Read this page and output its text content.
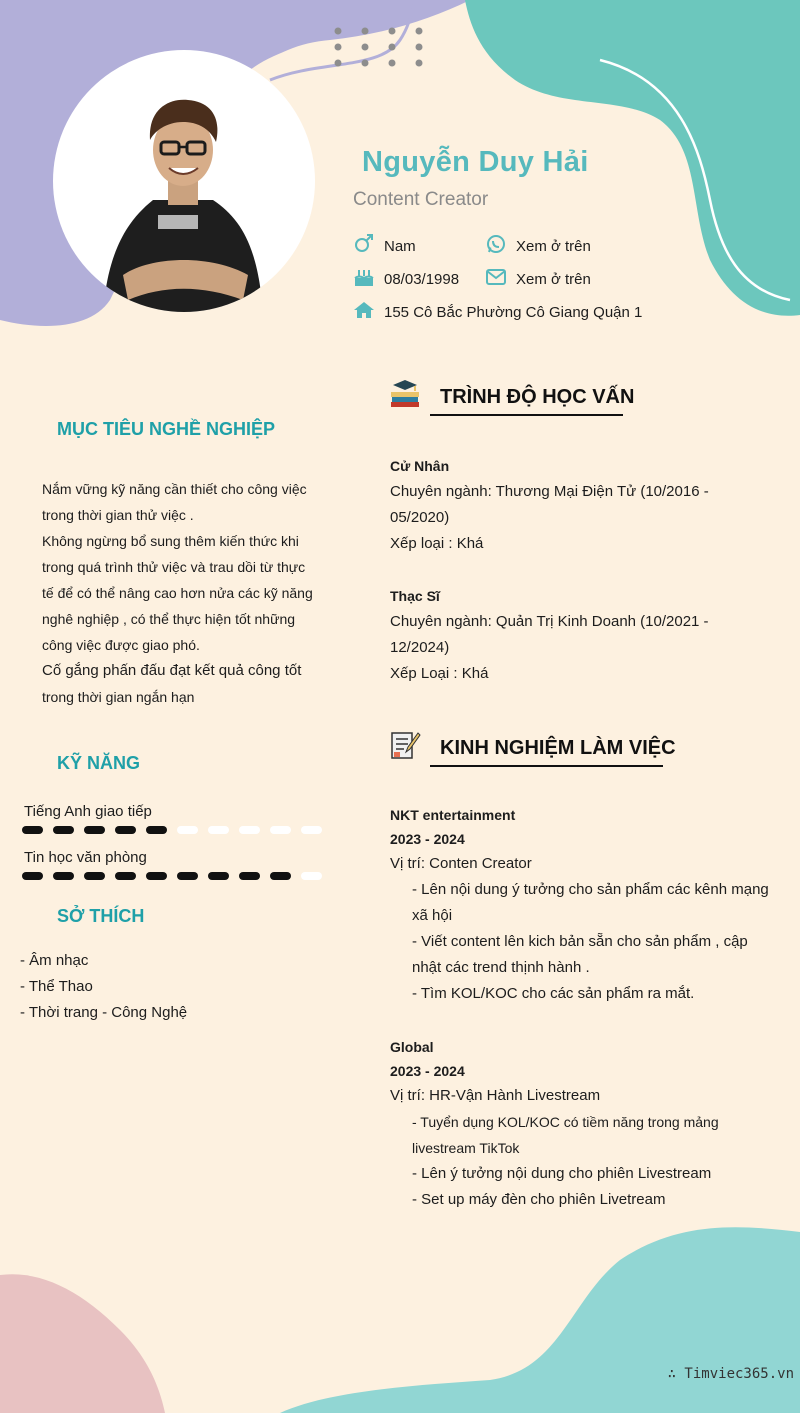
Nguyễn Duy Hải
Content Creator
Nam	Xem ở trên
08/03/1998	Xem ở trên
155 Cô Bắc Phường Cô Giang Quận 1
MỤC TIÊU NGHỀ NGHIỆP
Nắm vững kỹ năng cần thiết cho công việc
trong thời gian thử việc .
Không ngừng bổ sung thêm kiến thức khi
trong quá trình thử việc và trau dồi từ thực
tế để có thể nâng cao hơn nửa các kỹ năng
nghê nghiệp , có thể thực hiện tốt những
công việc được giao phó.
Cố gắng phấn đấu đạt kết quả công tốt
trong thời gian ngắn hạn
KỸ NĂNG
Tiếng Anh giao tiếp
Tin học văn phòng
SỞ THÍCH
⁣- Âm nhạc
- Thể Thao
- Thời trang - Công Nghệ
TRÌNH ĐỘ HỌC VẤN
Cử Nhân
Chuyên ngành: Thương Mại Điện Tử (10/2016 -
05/2020)
Xếp loại : Khá
Thạc Sĩ
Chuyên ngành: Quản Trị Kinh Doanh (10/2021 -
12/2024)
Xếp Loại : Khá
KINH NGHIỆM LÀM VIỆC
NKT entertainment
2023 - 2024
Vị trí: Conten Creator
- Lên nội dung ý tưởng cho sản phẩm các kênh mạng
xã hội
- Viết content lên kich bản sẵn cho sản phẩm , cập
nhật các trend thịnh hành .
- Tìm KOL/KOC cho các sản phẩm ra mắt.
Global
2023 - 2024
Vị trí: HR-Vận Hành Livestream
- Tuyển dụng KOL/KOC có tiềm năng trong mảng
livestream TikTok
- Lên ý tưởng nội dung cho phiên Livestream
- Set up máy đèn cho phiên Livetream
∴ Timviec365.vn
